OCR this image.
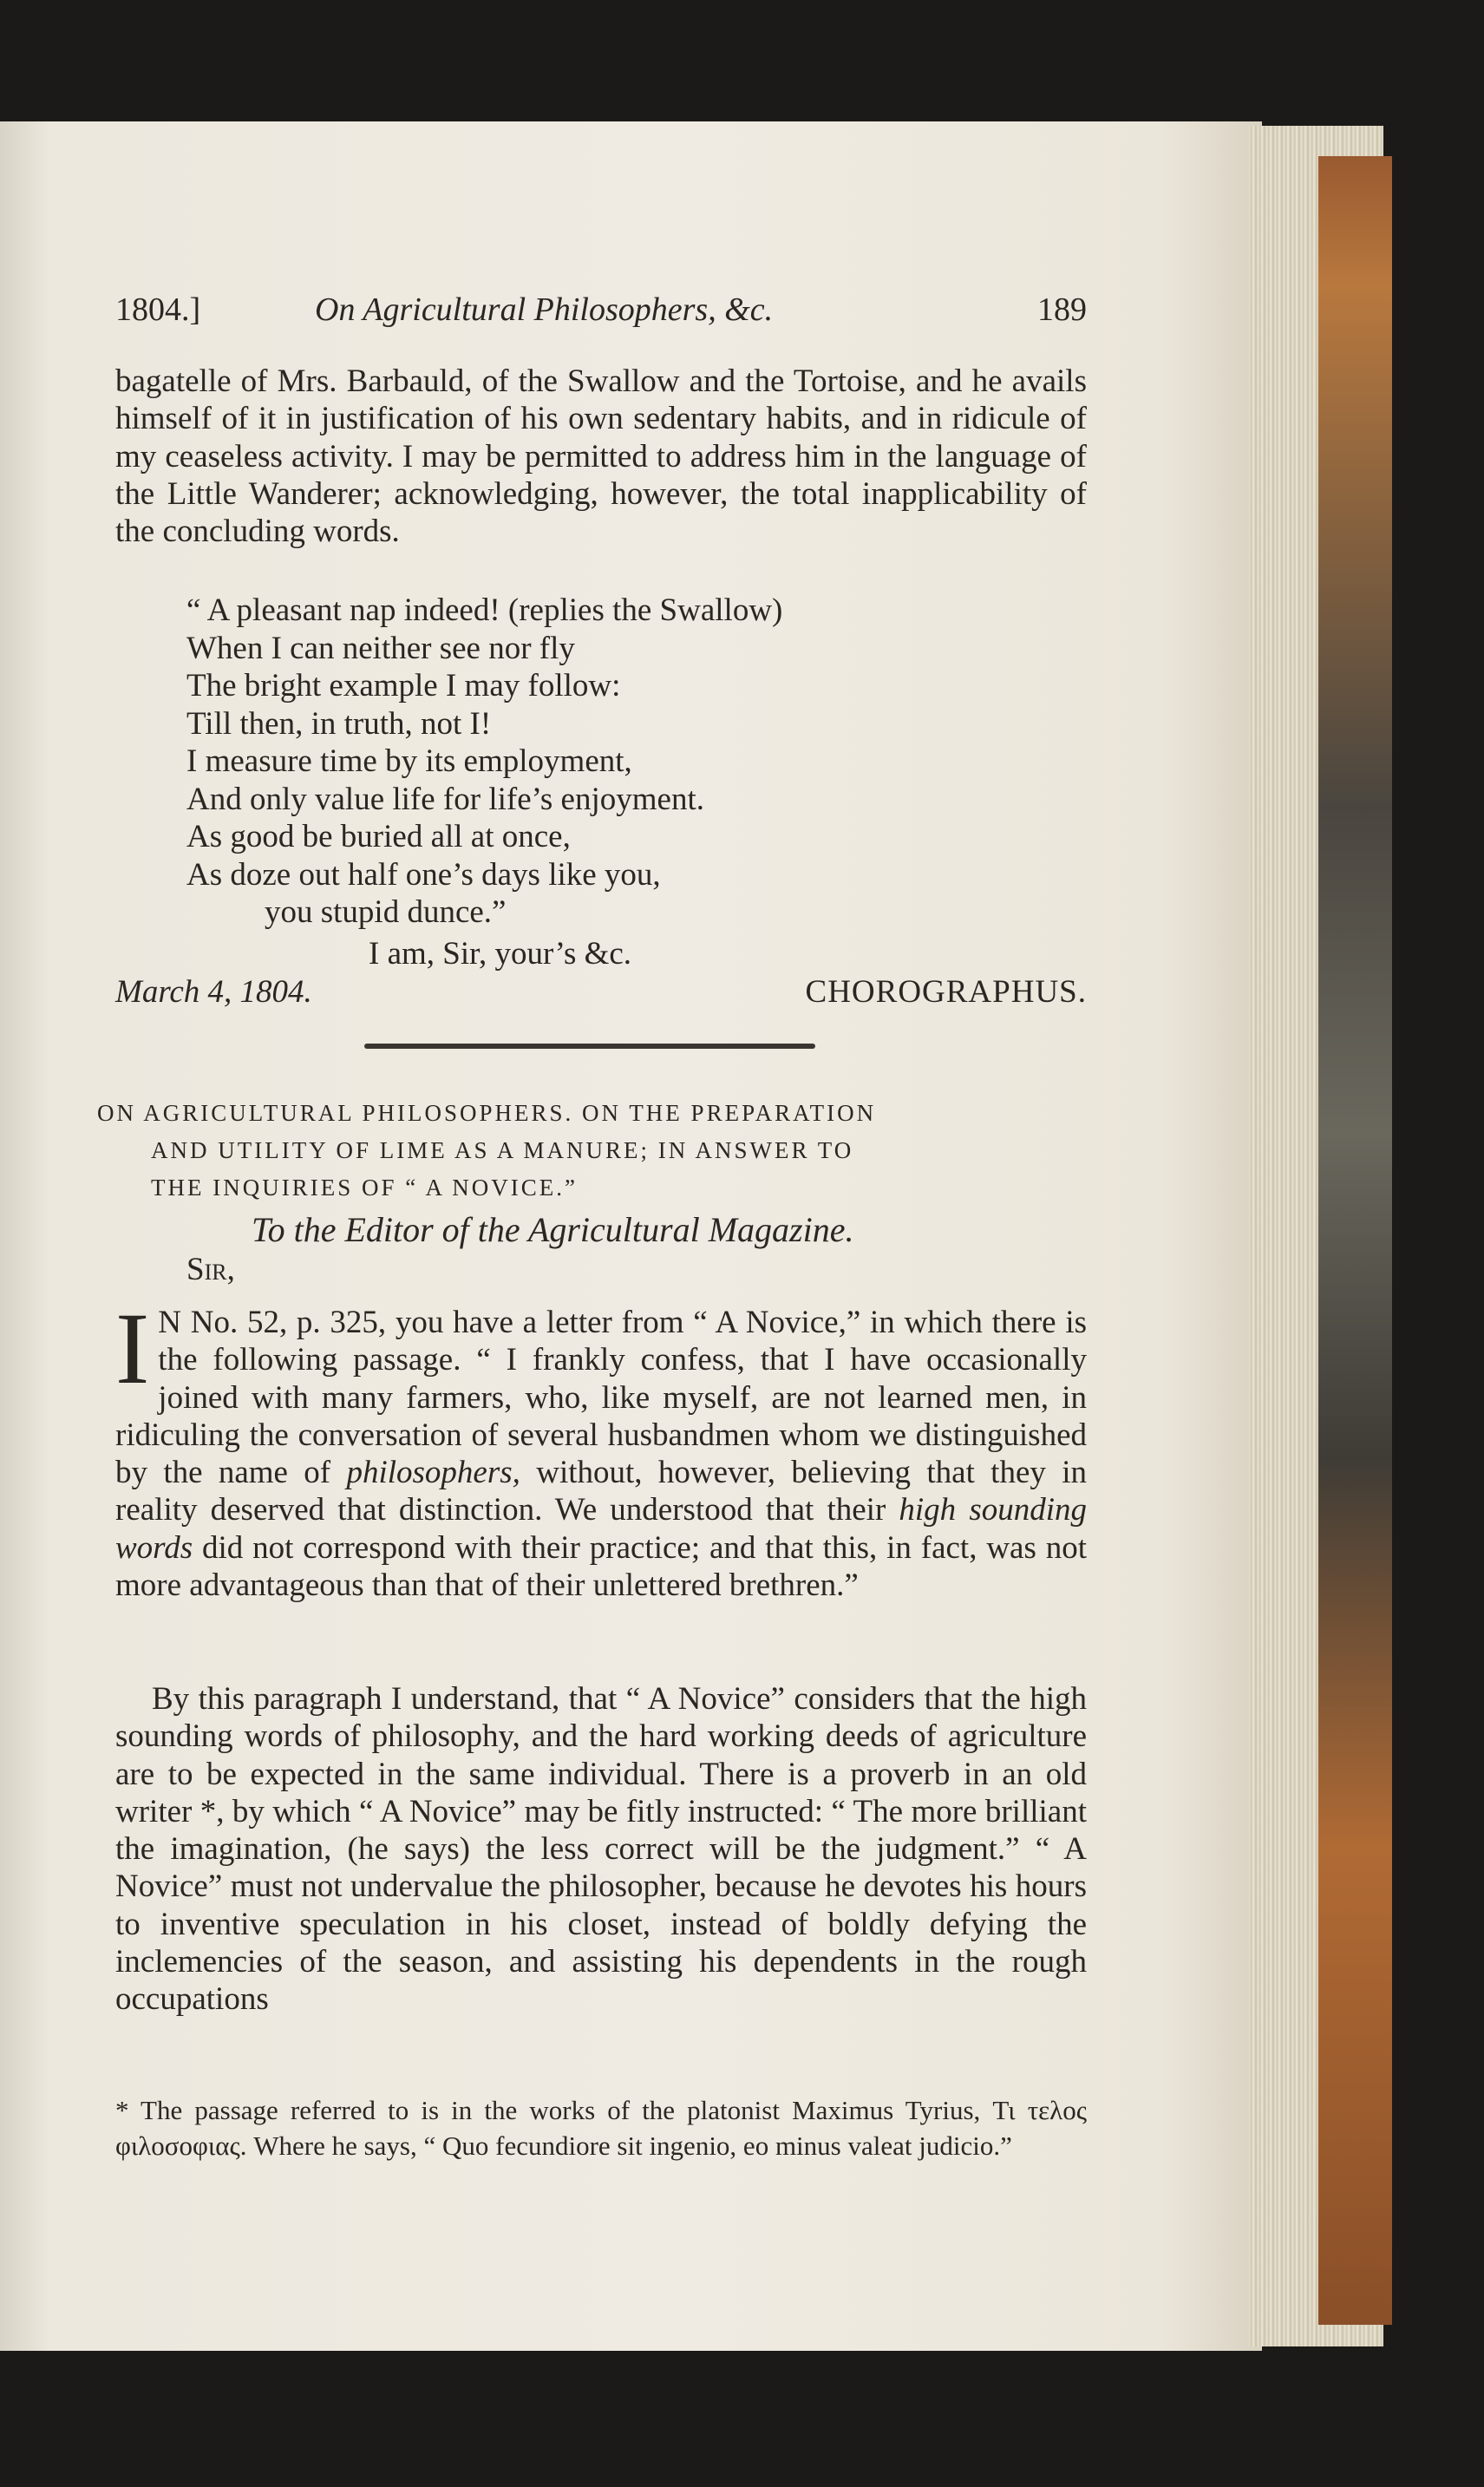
1804.]	On Agricultural Philosophers, &c.	189
bagatelle of Mrs. Barbauld, of the Swallow and the Tortoise, and he avails himself of it in justification of his own sedentary habits, and in ridicule of my ceaseless activity. I may be permitted to address him in the language of the Little Wanderer; acknowledging, however, the total inapplicability of the concluding words.
“ A pleasant nap indeed! (replies the Swallow)
When I can neither see nor fly
The bright example I may follow:
Till then, in truth, not I!
I measure time by its employment,
And only value life for life’s enjoyment.
As good be buried all at once,
As doze out half one’s days like you,
you stupid dunce.”
I am, Sir, your’s &c.
March 4, 1804.	CHOROGRAPHUS.
ON AGRICULTURAL PHILOSOPHERS. ON THE PREPARATION
AND UTILITY OF LIME AS A MANURE; IN ANSWER TO
THE INQUIRIES OF “ A NOVICE.”
To the Editor of the Agricultural Magazine.
Sir,
I N No. 52, p. 325, you have a letter from “ A Novice,” in which there is the following passage. “ I frankly confess, that I have occasionally joined with many farmers, who, like myself, are not learned men, in ridiculing the conversation of several husbandmen whom we distinguished by the name of philosophers, without, however, believing that they in reality deserved that distinction. We understood that their high sounding words did not correspond with their practice; and that this, in fact, was not more advantageous than that of their unlettered brethren.”
By this paragraph I understand, that “ A Novice” considers that the high sounding words of philosophy, and the hard working deeds of agriculture are to be expected in the same individual. There is a proverb in an old writer *, by which “ A Novice” may be fitly instructed: “ The more brilliant the imagination, (he says) the less correct will be the judgment.” “ A Novice” must not undervalue the philosopher, because he devotes his hours to inventive speculation in his closet, instead of boldly defying the inclemencies of the season, and assisting his dependents in the rough occupations
* The passage referred to is in the works of the platonist Maximus Tyrius, Τι τελος φιλοσοφιας. Where he says, “ Quo fecundiore sit ingenio, eo minus valeat judicio.”
